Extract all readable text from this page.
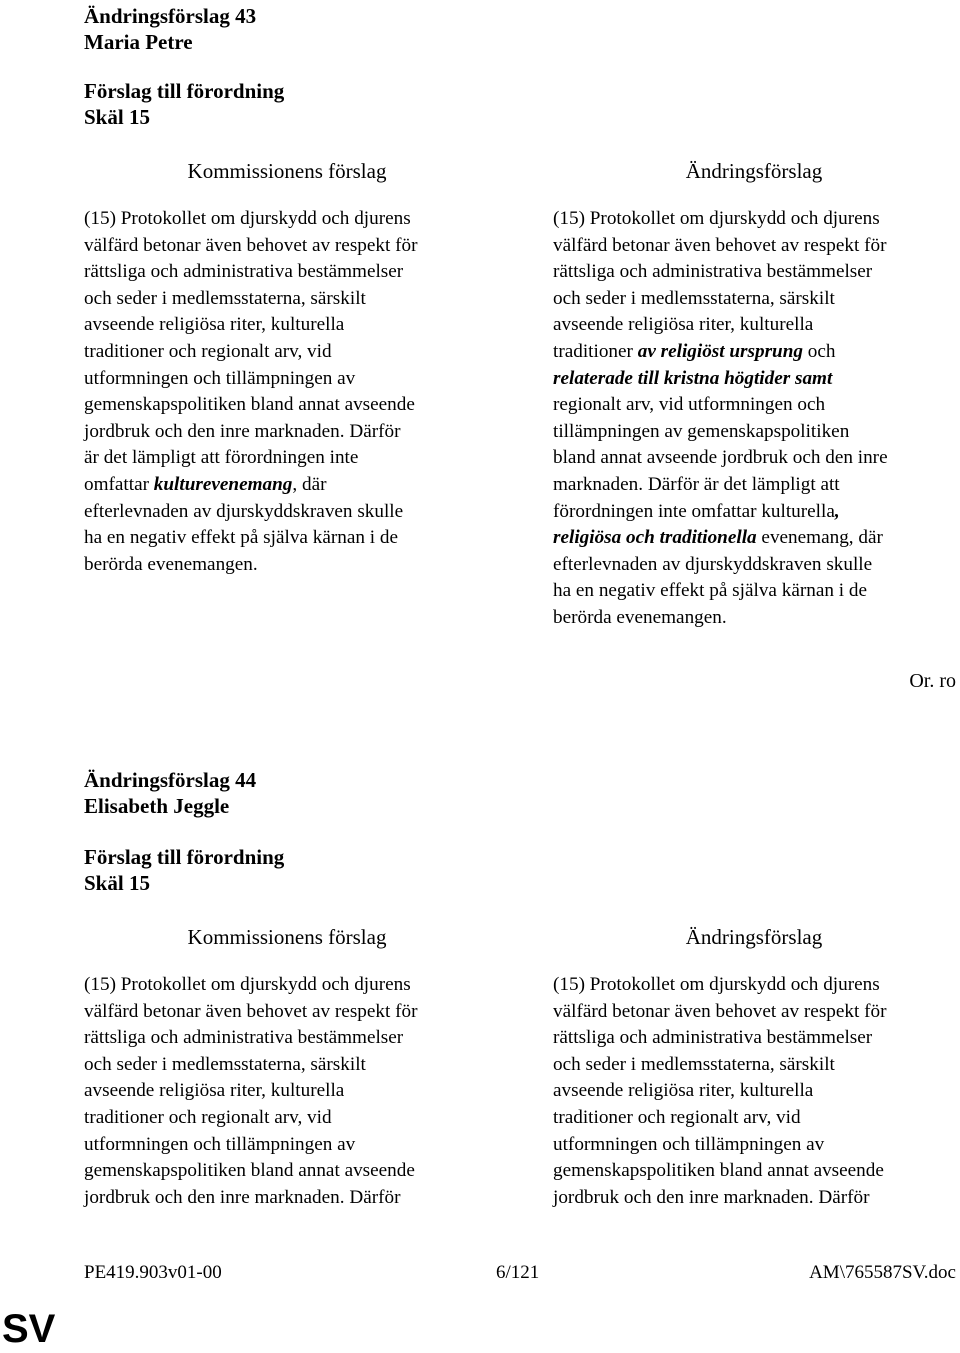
Ändringsförslag 43
Maria Petre
Förslag till förordning
Skäl 15
Kommissionens förslag	Ändringsförslag
(15) Protokollet om djurskydd och djurens
välfärd betonar även behovet av respekt för
rättsliga och administrativa bestämmelser
och seder i medlemsstaterna, särskilt
avseende religiösa riter, kulturella
traditioner och regionalt arv, vid
utformningen och tillämpningen av
gemenskapspolitiken bland annat avseende
jordbruk och den inre marknaden. Därför
är det lämpligt att förordningen inte
omfattar kulturevenemang, där
efterlevnaden av djurskyddskraven skulle
ha en negativ effekt på själva kärnan i de
berörda evenemangen.
(15) Protokollet om djurskydd och djurens
välfärd betonar även behovet av respekt för
rättsliga och administrativa bestämmelser
och seder i medlemsstaterna, särskilt
avseende religiösa riter, kulturella
traditioner av religiöst ursprung och
relaterade till kristna högtider samt
regionalt arv, vid utformningen och
tillämpningen av gemenskapspolitiken
bland annat avseende jordbruk och den inre
marknaden. Därför är det lämpligt att
förordningen inte omfattar kulturella,
religiösa och traditionella evenemang, där
efterlevnaden av djurskyddskraven skulle
ha en negativ effekt på själva kärnan i de
berörda evenemangen.
Or. ro
Ändringsförslag 44
Elisabeth Jeggle
Förslag till förordning
Skäl 15
Kommissionens förslag	Ändringsförslag
(15) Protokollet om djurskydd och djurens
välfärd betonar även behovet av respekt för
rättsliga och administrativa bestämmelser
och seder i medlemsstaterna, särskilt
avseende religiösa riter, kulturella
traditioner och regionalt arv, vid
utformningen och tillämpningen av
gemenskapspolitiken bland annat avseende
jordbruk och den inre marknaden. Därför
(15) Protokollet om djurskydd och djurens
välfärd betonar även behovet av respekt för
rättsliga och administrativa bestämmelser
och seder i medlemsstaterna, särskilt
avseende religiösa riter, kulturella
traditioner och regionalt arv, vid
utformningen och tillämpningen av
gemenskapspolitiken bland annat avseende
jordbruk och den inre marknaden. Därför
PE419.903v01-00	6/121	AM\765587SV.doc
SV
